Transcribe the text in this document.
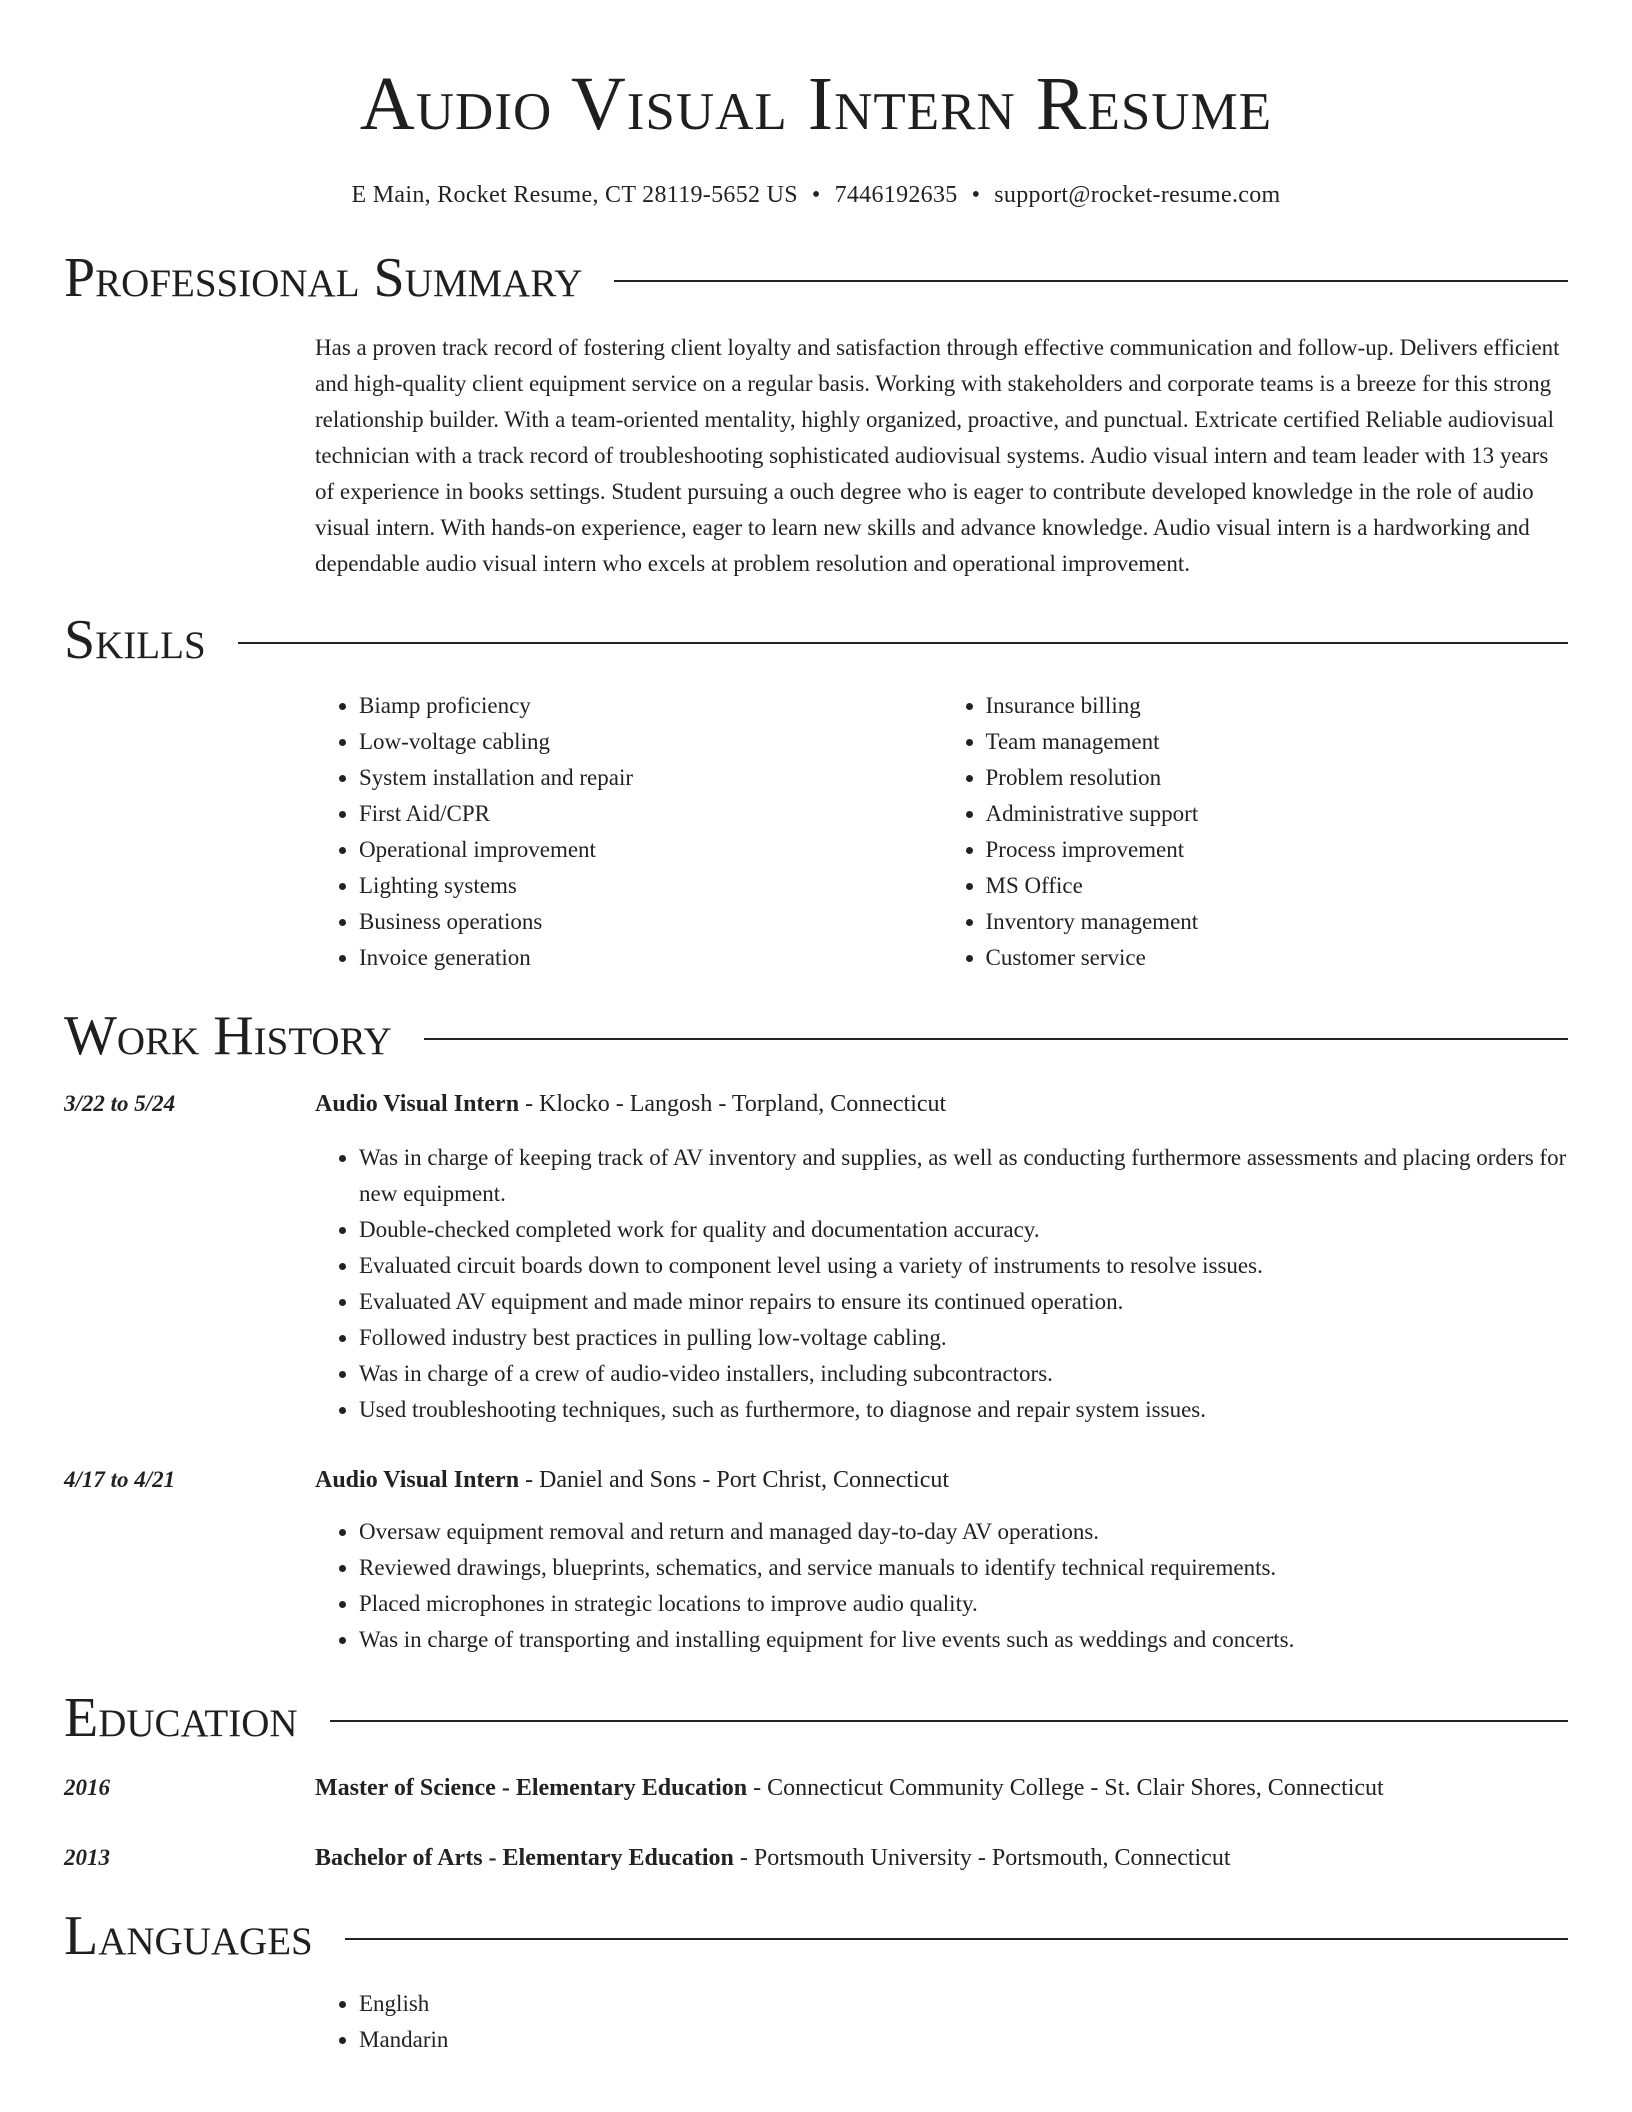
Audio Visual Intern Resume
E Main, Rocket Resume, CT 28119-5652 US • 7446192635 • support@rocket-resume.com
Professional Summary
Has a proven track record of fostering client loyalty and satisfaction through effective communication and follow-up. Delivers efficient and high-quality client equipment service on a regular basis. Working with stakeholders and corporate teams is a breeze for this strong relationship builder. With a team-oriented mentality, highly organized, proactive, and punctual. Extricate certified Reliable audiovisual technician with a track record of troubleshooting sophisticated audiovisual systems. Audio visual intern and team leader with 13 years of experience in books settings. Student pursuing a ouch degree who is eager to contribute developed knowledge in the role of audio visual intern. With hands-on experience, eager to learn new skills and advance knowledge. Audio visual intern is a hardworking and dependable audio visual intern who excels at problem resolution and operational improvement.
Skills
• Biamp proficiency
• Low-voltage cabling
• System installation and repair
• First Aid/CPR
• Operational improvement
• Lighting systems
• Business operations
• Invoice generation
• Insurance billing
• Team management
• Problem resolution
• Administrative support
• Process improvement
• MS Office
• Inventory management
• Customer service
Work History
3/22 to 5/24	Audio Visual Intern - Klocko - Langosh - Torpland, Connecticut
• Was in charge of keeping track of AV inventory and supplies, as well as conducting furthermore assessments and placing orders for new equipment.
• Double-checked completed work for quality and documentation accuracy.
• Evaluated circuit boards down to component level using a variety of instruments to resolve issues.
• Evaluated AV equipment and made minor repairs to ensure its continued operation.
• Followed industry best practices in pulling low-voltage cabling.
• Was in charge of a crew of audio-video installers, including subcontractors.
• Used troubleshooting techniques, such as furthermore, to diagnose and repair system issues.
4/17 to 4/21	Audio Visual Intern - Daniel and Sons - Port Christ, Connecticut
• Oversaw equipment removal and return and managed day-to-day AV operations.
• Reviewed drawings, blueprints, schematics, and service manuals to identify technical requirements.
• Placed microphones in strategic locations to improve audio quality.
• Was in charge of transporting and installing equipment for live events such as weddings and concerts.
Education
2016	Master of Science - Elementary Education - Connecticut Community College - St. Clair Shores, Connecticut
2013	Bachelor of Arts - Elementary Education - Portsmouth University - Portsmouth, Connecticut
Languages
• English
• Mandarin
